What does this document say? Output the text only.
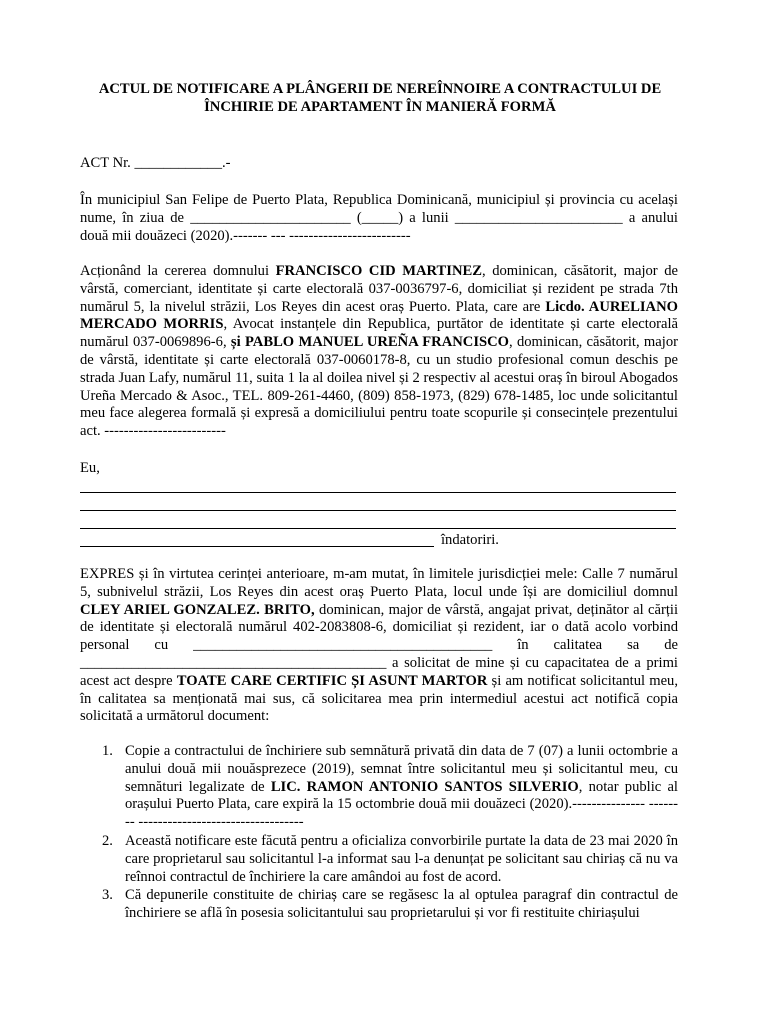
ACTUL DE NOTIFICARE A PLÂNGERII DE NEREÎNNOIRE A CONTRACTULUI DE
ÎNCHIRIE DE APARTAMENT ÎN MANIERĂ FORMĂ
ACT Nr. ____________.-
În municipiul San Felipe de Puerto Plata, Republica Dominicană, municipiul și provincia cu același nume, în ziua de ______________________ (_____) a lunii _______________________ a anului două mii douăzeci (2020).------- --- -------------------------
Acționând la cererea domnului FRANCISCO CID MARTINEZ, dominican, căsătorit, major de vârstă, comerciant, identitate și carte electorală 037-0036797-6, domiciliat și rezident pe strada 7th numărul 5, la nivelul străzii, Los Reyes din acest oraș Puerto. Plata, care are Licdo. AURELIANO MERCADO MORRIS, Avocat instanțele din Republica, purtător de identitate și carte electorală numărul 037-0069896-6, și PABLO MANUEL UREÑA FRANCISCO, dominican, căsătorit, major de vârstă, identitate și carte electorală 037-0060178-8, cu un studio profesional comun deschis pe strada Juan Lafy, numărul 11, suita 1 la al doilea nivel și 2 respectiv al acestui oraș în biroul Abogados Ureña Mercado & Asoc., TEL. 809-261-4460, (809) 858-1973, (829) 678-1485, loc unde solicitantul meu face alegerea formală și expresă a domiciliului pentru toate scopurile și consecințele prezentului act. -------------------------
Eu,
îndatoriri.
EXPRES și în virtutea cerinței anterioare, m-am mutat, în limitele jurisdicției mele: Calle 7 numărul 5, subnivelul străzii, Los Reyes din acest oraș Puerto Plata, locul unde își are domiciliul domnul CLEY ARIEL GONZALEZ. BRITO, dominican, major de vârstă, angajat privat, deținător al cărții de identitate și electorală numărul 402-2083808-6, domiciliat și rezident, iar o dată acolo vorbind personal cu _________________________________________ în calitatea sa de __________________________________________ a solicitat de mine și cu capacitatea de a primi acest act despre TOATE CARE CERTIFIC ȘI ASUNT MARTOR și am notificat solicitantul meu, în calitatea sa menționată mai sus, că solicitarea mea prin intermediul acestui act notifică copia solicitată a următorul document:
1. Copie a contractului de închiriere sub semnătură privată din data de 7 (07) a lunii octombrie a anului două mii nouăsprezece (2019), semnat între solicitantul meu și solicitantul meu, cu semnături legalizate de LIC. RAMON ANTONIO SANTOS SILVERIO, notar public al orașului Puerto Plata, care expiră la 15 octombrie două mii douăzeci (2020).--------------- -------- ----------------------------------
2. Această notificare este făcută pentru a oficializa convorbirile purtate la data de 23 mai 2020 în care proprietarul sau solicitantul l-a informat sau l-a denunțat pe solicitant sau chiriaș că nu va reînnoi contractul de închiriere la care amândoi au fost de acord.
3. Că depunerile constituite de chiriaș care se regăsesc la al optulea paragraf din contractul de închiriere se află în posesia solicitantului sau proprietarului și vor fi restituite chiriașului
